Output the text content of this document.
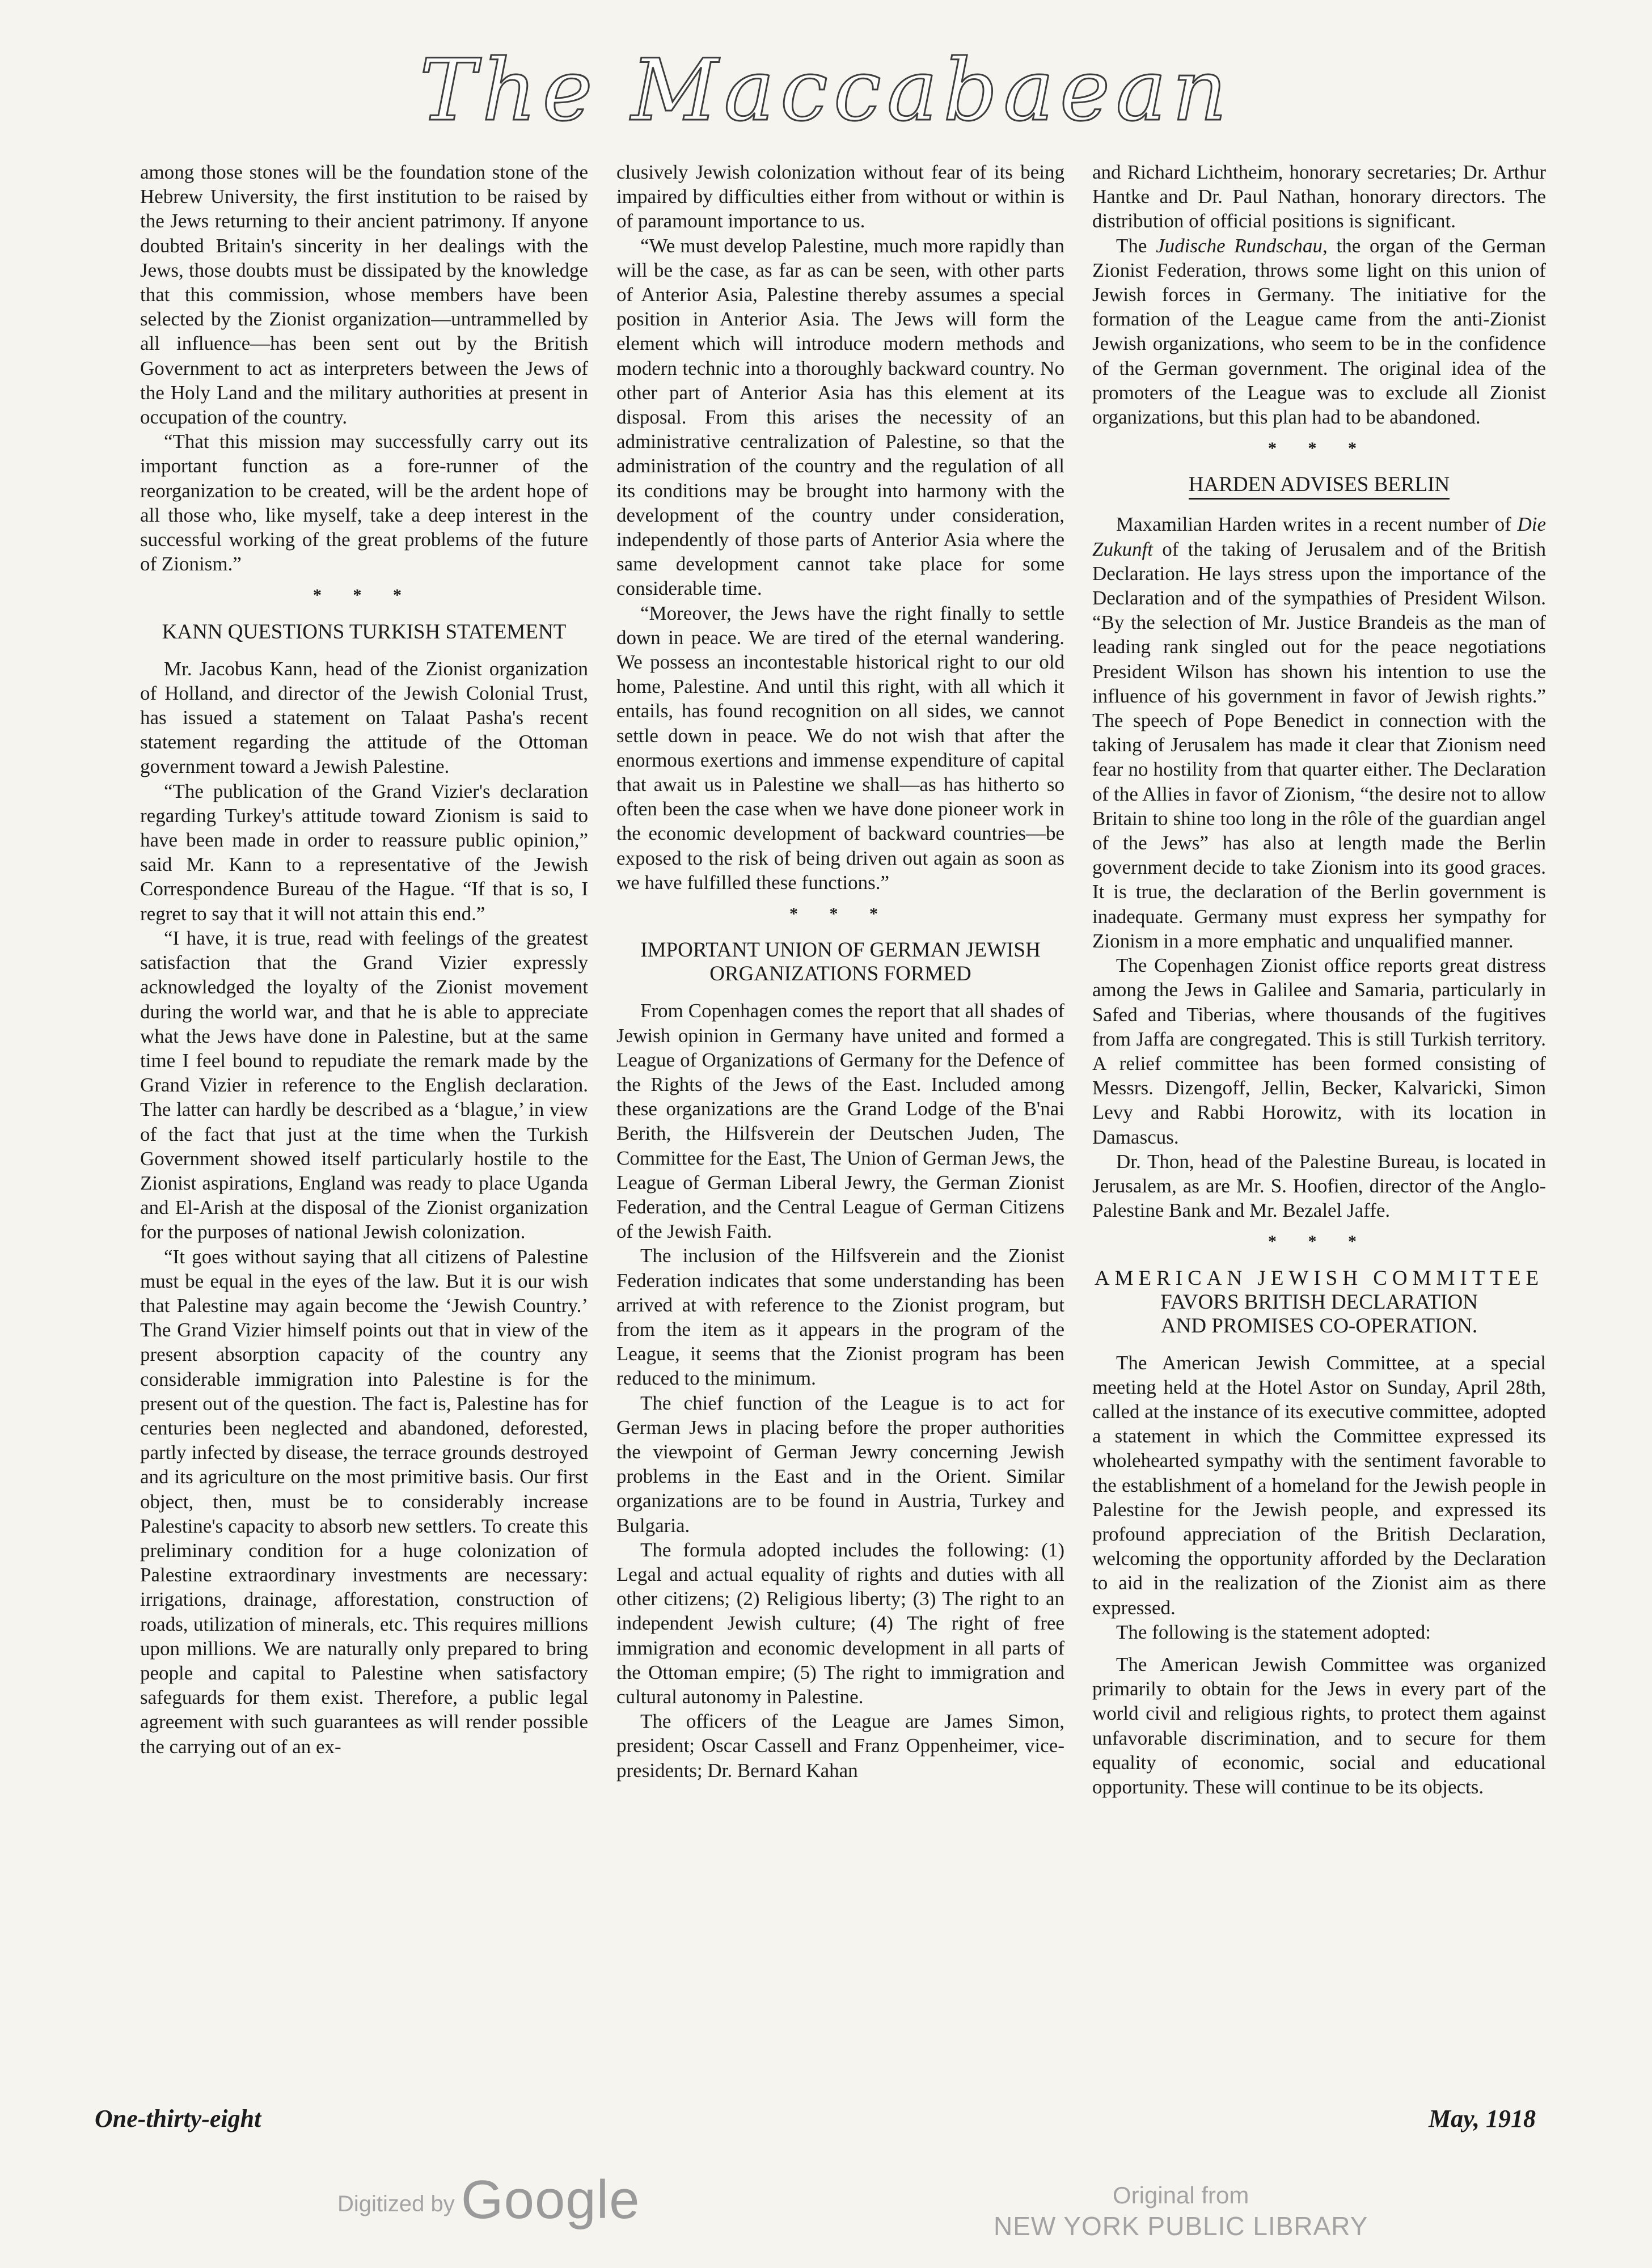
The Maccabaean

among those stones will be the foundation stone of the Hebrew University, the first institution to be raised by the Jews returning to their ancient patrimony. If anyone doubted Britain's sincerity in her dealings with the Jews, those doubts must be dissipated by the knowledge that this commission, whose members have been selected by the Zionist organization—untrammelled by all influence—has been sent out by the British Government to act as interpreters between the Jews of the Holy Land and the military authorities at present in occupation of the country.

“That this mission may successfully carry out its important function as a fore-runner of the reorganization to be created, will be the ardent hope of all those who, like myself, take a deep interest in the successful working of the great problems of the future of Zionism.”

* * *
KANN QUESTIONS TURKISH STATEMENT

Mr. Jacobus Kann, head of the Zionist organization of Holland, and director of the Jewish Colonial Trust, has issued a statement on Talaat Pasha's recent statement regarding the attitude of the Ottoman government toward a Jewish Palestine.

“The publication of the Grand Vizier's declaration regarding Turkey's attitude toward Zionism is said to have been made in order to reassure public opinion,” said Mr. Kann to a representative of the Jewish Correspondence Bureau of the Hague. “If that is so, I regret to say that it will not attain this end.”

“I have, it is true, read with feelings of the greatest satisfaction that the Grand Vizier expressly acknowledged the loyalty of the Zionist movement during the world war, and that he is able to appreciate what the Jews have done in Palestine, but at the same time I feel bound to repudiate the remark made by the Grand Vizier in reference to the English declaration. The latter can hardly be described as a ‘blague,’ in view of the fact that just at the time when the Turkish Government showed itself particularly hostile to the Zionist aspirations, England was ready to place Uganda and El-Arish at the disposal of the Zionist organization for the purposes of national Jewish colonization.

“It goes without saying that all citizens of Palestine must be equal in the eyes of the law. But it is our wish that Palestine may again become the ‘Jewish Country.’ The Grand Vizier himself points out that in view of the present absorption capacity of the country any considerable immigration into Palestine is for the present out of the question. The fact is, Palestine has for centuries been neglected and abandoned, deforested, partly infected by disease, the terrace grounds destroyed and its agriculture on the most primitive basis. Our first object, then, must be to considerably increase Palestine's capacity to absorb new settlers. To create this preliminary condition for a huge colonization of Palestine extraordinary investments are necessary: irrigations, drainage, afforestation, construction of roads, utilization of minerals, etc. This requires millions upon millions. We are naturally only prepared to bring people and capital to Palestine when satisfactory safeguards for them exist. Therefore, a public legal agreement with such guarantees as will render possible the carrying out of an ex-

clusively Jewish colonization without fear of its being impaired by difficulties either from without or within is of paramount importance to us.

“We must develop Palestine, much more rapidly than will be the case, as far as can be seen, with other parts of Anterior Asia, Palestine thereby assumes a special position in Anterior Asia. The Jews will form the element which will introduce modern methods and modern technic into a thoroughly backward country. No other part of Anterior Asia has this element at its disposal. From this arises the necessity of an administrative centralization of Palestine, so that the administration of the country and the regulation of all its conditions may be brought into harmony with the development of the country under consideration, independently of those parts of Anterior Asia where the same development cannot take place for some considerable time.

“Moreover, the Jews have the right finally to settle down in peace. We are tired of the eternal wandering. We possess an incontestable historical right to our old home, Palestine. And until this right, with all which it entails, has found recognition on all sides, we cannot settle down in peace. We do not wish that after the enormous exertions and immense expenditure of capital that await us in Palestine we shall—as has hitherto so often been the case when we have done pioneer work in the economic development of backward countries—be exposed to the risk of being driven out again as soon as we have fulfilled these functions.”

* * *
IMPORTANT UNION OF GERMAN JEWISH ORGANIZATIONS FORMED

From Copenhagen comes the report that all shades of Jewish opinion in Germany have united and formed a League of Organizations of Germany for the Defence of the Rights of the Jews of the East. Included among these organizations are the Grand Lodge of the B'nai Berith, the Hilfsverein der Deutschen Juden, The Committee for the East, The Union of German Jews, the League of German Liberal Jewry, the German Zionist Federation, and the Central League of German Citizens of the Jewish Faith.

The inclusion of the Hilfsverein and the Zionist Federation indicates that some understanding has been arrived at with reference to the Zionist program, but from the item as it appears in the program of the League, it seems that the Zionist program has been reduced to the minimum.

The chief function of the League is to act for German Jews in placing before the proper authorities the viewpoint of German Jewry concerning Jewish problems in the East and in the Orient. Similar organizations are to be found in Austria, Turkey and Bulgaria.

The formula adopted includes the following: (1) Legal and actual equality of rights and duties with all other citizens; (2) Religious liberty; (3) The right to an independent Jewish culture; (4) The right of free immigration and economic development in all parts of the Ottoman empire; (5) The right to immigration and cultural autonomy in Palestine.

The officers of the League are James Simon, president; Oscar Cassell and Franz Oppenheimer, vice-presidents; Dr. Bernard Kahan

and Richard Lichtheim, honorary secretaries; Dr. Arthur Hantke and Dr. Paul Nathan, honorary directors. The distribution of official positions is significant.

The Judische Rundschau, the organ of the German Zionist Federation, throws some light on this union of Jewish forces in Germany. The initiative for the formation of the League came from the anti-Zionist Jewish organizations, who seem to be in the confidence of the German government. The original idea of the promoters of the League was to exclude all Zionist organizations, but this plan had to be abandoned.

* * *
HARDEN ADVISES BERLIN

Maxamilian Harden writes in a recent number of Die Zukunft of the taking of Jerusalem and of the British Declaration. He lays stress upon the importance of the Declaration and of the sympathies of President Wilson. “By the selection of Mr. Justice Brandeis as the man of leading rank singled out for the peace negotiations President Wilson has shown his intention to use the influence of his government in favor of Jewish rights.” The speech of Pope Benedict in connection with the taking of Jerusalem has made it clear that Zionism need fear no hostility from that quarter either. The Declaration of the Allies in favor of Zionism, “the desire not to allow Britain to shine too long in the rôle of the guardian angel of the Jews” has also at length made the Berlin government decide to take Zionism into its good graces. It is true, the declaration of the Berlin government is inadequate. Germany must express her sympathy for Zionism in a more emphatic and unqualified manner.

The Copenhagen Zionist office reports great distress among the Jews in Galilee and Samaria, particularly in Safed and Tiberias, where thousands of the fugitives from Jaffa are congregated. This is still Turkish territory. A relief committee has been formed consisting of Messrs. Dizengoff, Jellin, Becker, Kalvaricki, Simon Levy and Rabbi Horowitz, with its location in Damascus.

Dr. Thon, head of the Palestine Bureau, is located in Jerusalem, as are Mr. S. Hoofien, director of the Anglo-Palestine Bank and Mr. Bezalel Jaffe.

* * *
AMERICAN JEWISH COMMITTEE
FAVORS BRITISH DECLARATION
AND PROMISES CO-OPERATION.

The American Jewish Committee, at a special meeting held at the Hotel Astor on Sunday, April 28th, called at the instance of its executive committee, adopted a statement in which the Committee expressed its wholehearted sympathy with the sentiment favorable to the establishment of a homeland for the Jewish people in Palestine for the Jewish people, and expressed its profound appreciation of the British Declaration, welcoming the opportunity afforded by the Declaration to aid in the realization of the Zionist aim as there expressed.

The following is the statement adopted:

The American Jewish Committee was organized primarily to obtain for the Jews in every part of the world civil and religious rights, to protect them against unfavorable discrimination, and to secure for them equality of economic, social and educational opportunity. These will continue to be its objects.

One-thirty-eight	May, 1918
Digitized by Google	Original from
NEW YORK PUBLIC LIBRARY
